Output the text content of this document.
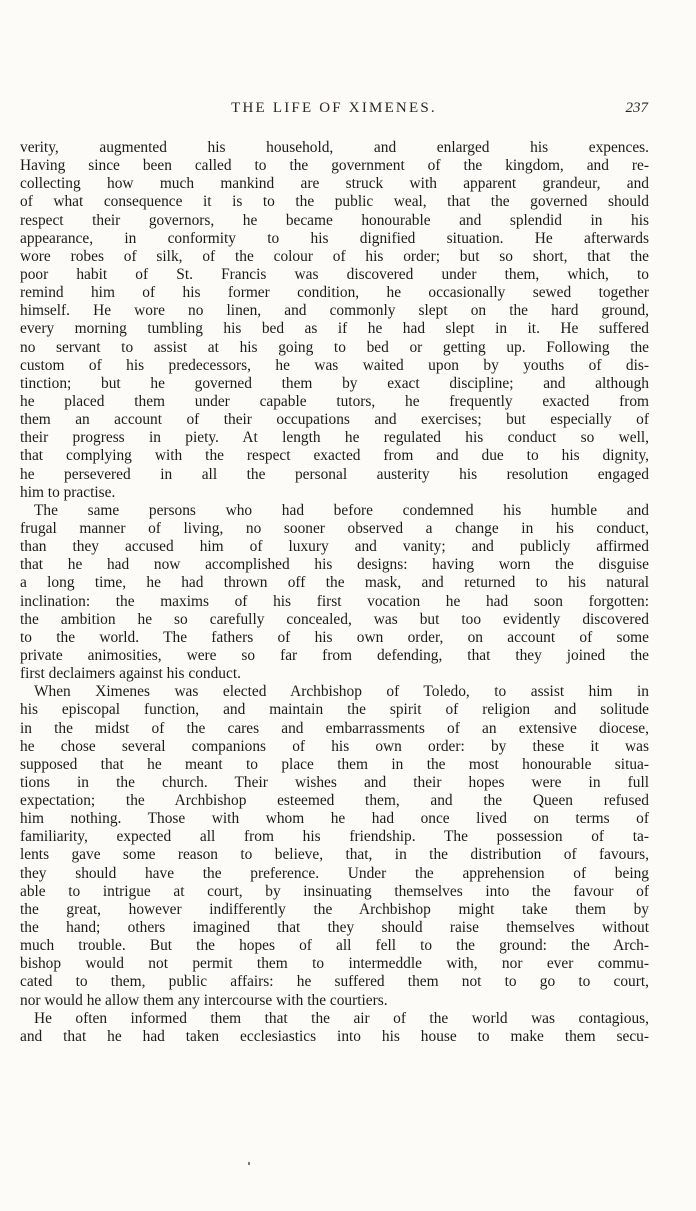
THE LIFE OF XIMENES.	237
verity, augmented his household, and enlarged his expences.
Having since been called to the government of the kingdom, and re-
collecting how much mankind are struck with apparent grandeur, and
of what consequence it is to the public weal, that the governed should
respect their governors, he became honourable and splendid in his
appearance, in conformity to his dignified situation. He afterwards
wore robes of silk, of the colour of his order; but so short, that the
poor habit of St. Francis was discovered under them, which, to
remind him of his former condition, he occasionally sewed together
himself. He wore no linen, and commonly slept on the hard ground,
every morning tumbling his bed as if he had slept in it. He suffered
no servant to assist at his going to bed or getting up. Following the
custom of his predecessors, he was waited upon by youths of dis-
tinction; but he governed them by exact discipline; and although
he placed them under capable tutors, he frequently exacted from
them an account of their occupations and exercises; but especially of
their progress in piety. At length he regulated his conduct so well,
that complying with the respect exacted from and due to his dignity,
he persevered in all the personal austerity his resolution engaged
him to practise.
The same persons who had before condemned his humble and
frugal manner of living, no sooner observed a change in his conduct,
than they accused him of luxury and vanity; and publicly affirmed
that he had now accomplished his designs: having worn the disguise
a long time, he had thrown off the mask, and returned to his natural
inclination: the maxims of his first vocation he had soon forgotten:
the ambition he so carefully concealed, was but too evidently discovered
to the world. The fathers of his own order, on account of some
private animosities, were so far from defending, that they joined the
first declaimers against his conduct.
When Ximenes was elected Archbishop of Toledo, to assist him in
his episcopal function, and maintain the spirit of religion and solitude
in the midst of the cares and embarrassments of an extensive diocese,
he chose several companions of his own order: by these it was
supposed that he meant to place them in the most honourable situa-
tions in the church. Their wishes and their hopes were in full
expectation; the Archbishop esteemed them, and the Queen refused
him nothing. Those with whom he had once lived on terms of
familiarity, expected all from his friendship. The possession of ta-
lents gave some reason to believe, that, in the distribution of favours,
they should have the preference. Under the apprehension of being
able to intrigue at court, by insinuating themselves into the favour of
the great, however indifferently the Archbishop might take them by
the hand; others imagined that they should raise themselves without
much trouble. But the hopes of all fell to the ground: the Arch-
bishop would not permit them to intermeddle with, nor ever commu-
cated to them, public affairs: he suffered them not to go to court,
nor would he allow them any intercourse with the courtiers.
He often informed them that the air of the world was contagious,
and that he had taken ecclesiastics into his house to make them secu-
